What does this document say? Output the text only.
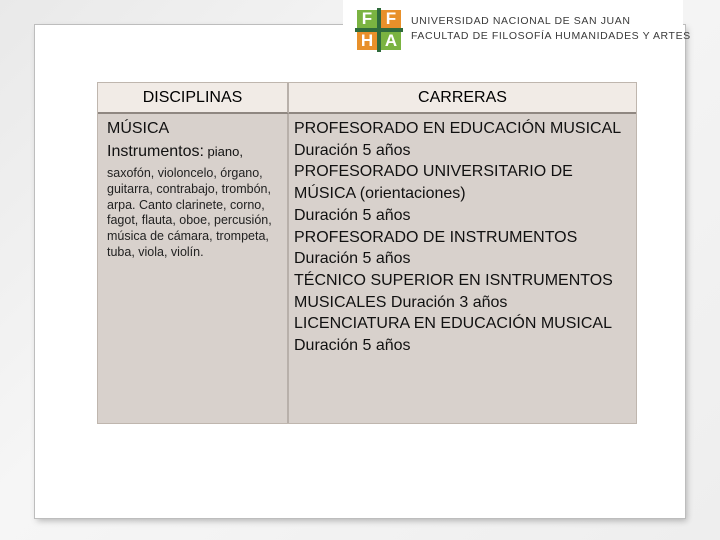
F F
H A
UNIVERSIDAD NACIONAL DE SAN JUAN
FACULTAD DE FILOSOFÍA HUMANIDADES Y ARTES
DISCIPLINAS	CARRERAS
MÚSICA
Instrumentos: piano,
saxofón, violoncelo, órgano, guitarra, contrabajo, trombón, arpa. Canto clarinete, corno, fagot, flauta, oboe, percusión, música de cámara, trompeta, tuba, viola, violín.
PROFESORADO EN EDUCACIÓN MUSICAL
Duración 5 años
PROFESORADO UNIVERSITARIO DE MÚSICA (orientaciones)
Duración 5 años
PROFESORADO DE INSTRUMENTOS
Duración 5 años
TÉCNICO SUPERIOR EN ISNTRUMENTOS MUSICALES Duración 3 años
LICENCIATURA EN EDUCACIÓN MUSICAL
Duración 5 años
